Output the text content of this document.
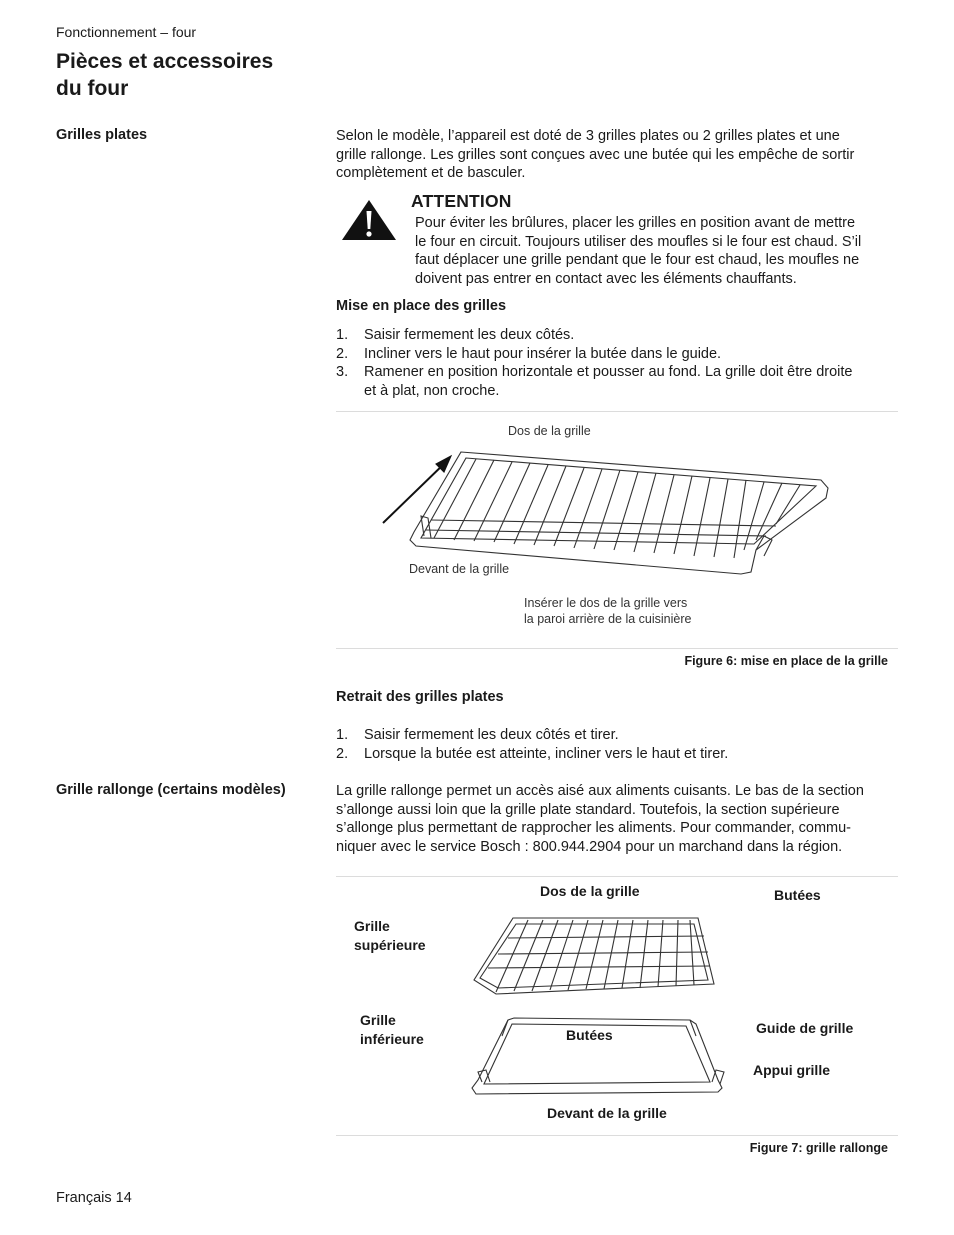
Fonctionnement – four
Pièces et accessoires
du four
Grilles plates	Selon le modèle, l’appareil est doté de 3 grilles plates ou 2 grilles plates et une
grille rallonge. Les grilles sont conçues avec une butée qui les empêche de sortir
complètement et de basculer.
ATTENTION
Pour éviter les brûlures, placer les grilles en position avant de mettre
le four en circuit. Toujours utiliser des moufles si le four est chaud. S’il
faut déplacer une grille pendant que le four est chaud, les moufles ne
doivent pas entrer en contact avec les éléments chauffants.
Mise en place des grilles
1. Saisir fermement les deux côtés.
2. Incliner vers le haut pour insérer la butée dans le guide.
3. Ramener en position horizontale et pousser au fond. La grille doit être droite
et à plat, non croche.
Dos de la grille
Devant de la grille
Insérer le dos de la grille vers
la paroi arrière de la cuisinière
Figure 6: mise en place de la grille
Retrait des grilles plates
1. Saisir fermement les deux côtés et tirer.
2. Lorsque la butée est atteinte, incliner vers le haut et tirer.
Grille rallonge (certains modèles)	La grille rallonge permet un accès aisé aux aliments cuisants. Le bas de la section
s’allonge aussi loin que la grille plate standard. Toutefois, la section supérieure
s’allonge plus permettant de rapprocher les aliments. Pour commander, commu-
niquer avec le service Bosch : 800.944.2904 pour un marchand dans la région.
Dos de la grille	Butées
Grille
supérieure
Grille
inférieure	Butées	Guide de grille
Appui grille
Devant de la grille
Figure 7: grille rallonge
Français 14
